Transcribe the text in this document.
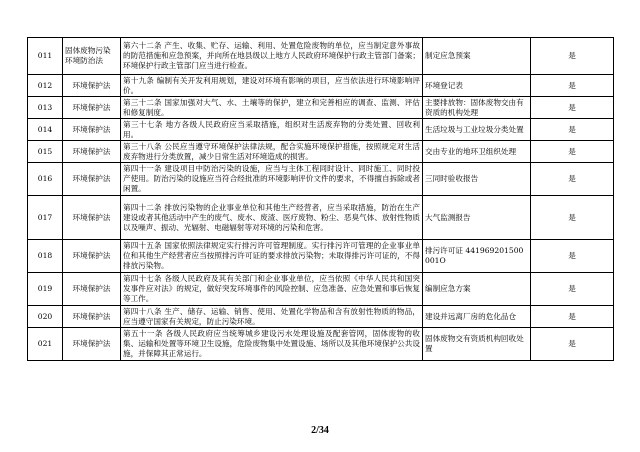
011	固体废物污染环境防治法	第六十二条 产生、收集、贮存、运输、利用、处置危险废物的单位，应当制定意外事故的防范措施和应急预案，并向所在地县级以上地方人民政府环境保护行政主管部门备案；环境保护行政主管部门应当进行检查。	制定应急预案	是
012	环境保护法	第十九条 编制有关开发利用规划，建设对环境有影响的项目，应当依法进行环境影响评价。	环境登记表	是
013	环境保护法	第三十二条 国家加强对大气、水、土壤等的保护，建立和完善相应的调查、监测、评估和修复制度。	主要排放物：固体废物交由有资质的机构处理	是
014	环境保护法	第三十七条 地方各级人民政府应当采取措施，组织对生活废弃物的分类处置、回收利用。	生活垃圾与工业垃圾分类处置	是
015	环境保护法	第三十八条 公民应当遵守环境保护法律法规，配合实施环境保护措施，按照规定对生活废弃物进行分类放置，减少日常生活对环境造成的损害。	交由专业的地环卫组织处理	是
016	环境保护法	第四十一条 建设项目中防治污染的设施，应当与主体工程同时设计、同时施工、同时投产使用。防治污染的设施应当符合经批准的环境影响评价文件的要求，不得擅自拆除或者闲置。	三同时验收报告	是
017	环境保护法	第四十二条 排放污染物的企业事业单位和其他生产经营者，应当采取措施，防治在生产建设或者其他活动中产生的废气、废水、废渣、医疗废物、粉尘、恶臭气体、放射性物质以及噪声、振动、光辐射、电磁辐射等对环境的污染和危害。	大气监测报告	是
018	环境保护法	第四十五条 国家依照法律规定实行排污许可管理制度。实行排污许可管理的企业事业单位和其他生产经营者应当按照排污许可证的要求排放污染物；未取得排污许可证的，不得排放污染物。	排污许可证 441969201500001O	是
019	环境保护法	第四十七条 各级人民政府及其有关部门和企业事业单位，应当依照《中华人民共和国突发事件应对法》的规定，做好突发环境事件的风险控制、应急准备、应急处置和事后恢复等工作。	编制应急方案	是
020	环境保护法	第四十八条 生产、储存、运输、销售、使用、处置化学物品和含有放射性物质的物品，应当遵守国家有关规定，防止污染环境。	建设并远离厂房的危化品仓	是
021	环境保护法	第五十一条 各级人民政府应当统筹城乡建设污水处理设施及配套管网，固体废物的收集、运输和处置等环境卫生设施，危险废物集中处置设施、场所以及其他环境保护公共设施，并保障其正常运行。	固体废物交有资质机构回收处置	是
2/34
